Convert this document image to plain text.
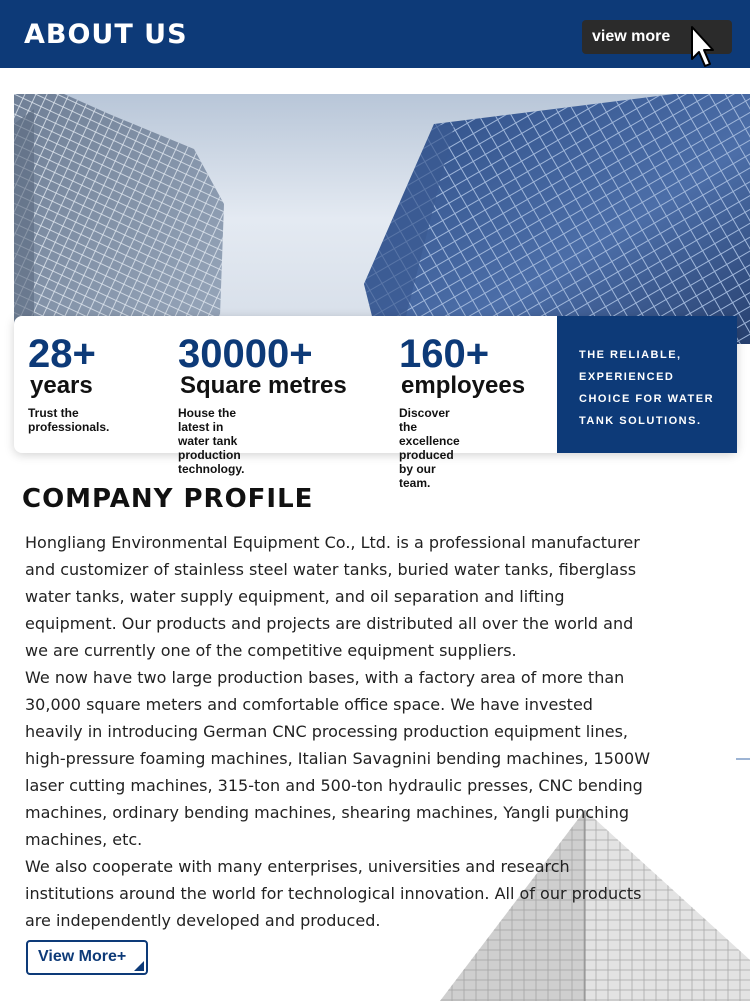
ABOUT US	view more
28+
years
Trust the
professionals.
30000+
Square metres
House the latest in water tank
production technology.
160+
employees
Discover the excellence
produced by our team.
THE RELIABLE, EXPERIENCED CHOICE FOR WATER TANK SOLUTIONS.
COMPANY PROFILE

Hongliang Environmental Equipment Co., Ltd. is a professional manufacturer and customizer of stainless steel water tanks, buried water tanks, fiberglass water tanks, water supply equipment, and oil separation and lifting equipment. Our products and projects are distributed all over the world and we are currently one of the competitive equipment suppliers.

We now have two large production bases, with a factory area of more than 30,000 square meters and comfortable office space. We have invested heavily in introducing German CNC processing production equipment lines, high-pressure foaming machines, Italian Savagnini bending machines, 1500W laser cutting machines, 315-ton and 500-ton hydraulic presses, CNC bending machines, ordinary bending machines, shearing machines, Yangli punching machines, etc.

We also cooperate with many enterprises, universities and research institutions around the world for technological innovation. All of our products are independently developed and produced.

View More+
